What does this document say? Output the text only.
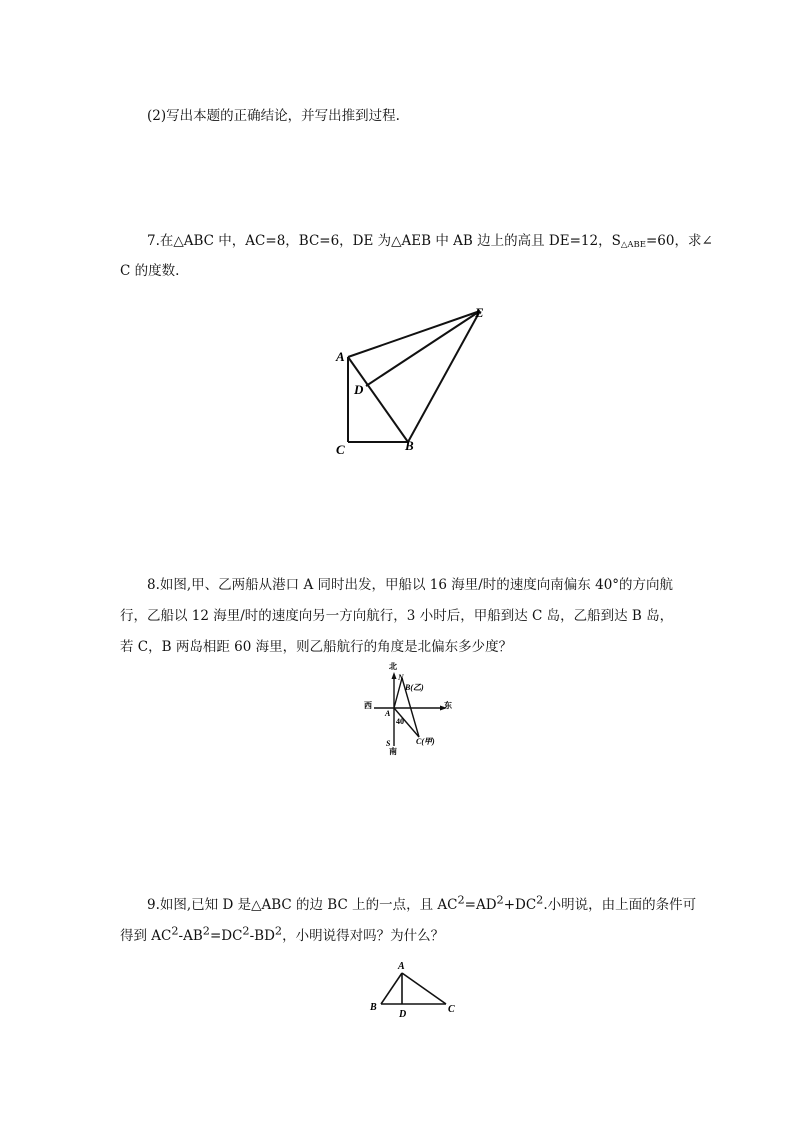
(2)写出本题的正确结论，并写出推到过程.
7.在△ABC 中，AC=8，BC=6，DE 为△AEB 中 AB 边上的高且 DE=12，S△ABE=60，求∠
C 的度数.
A
D
C	B
E
8.如图,甲、乙两船从港口 A 同时出发，甲船以 16 海里/时的速度向南偏东 40°的方向航
行，乙船以 12 海里/时的速度向另一方向航行，3 小时后，甲船到达 C 岛，乙船到达 B 岛，
若 C，B 两岛相距 60 海里，则乙船航行的角度是北偏东多少度？
北
N
B(乙)
西	东
A
40
S
南
C(甲)
9.如图,已知 D 是△ABC 的边 BC 上的一点，且 $AC^2=AD^2+DC^2$.小明说，由上面的条件可
得到 $AC^2-AB^2=DC^2-BD^2$，小明说得对吗？为什么？
A
B
D	C
